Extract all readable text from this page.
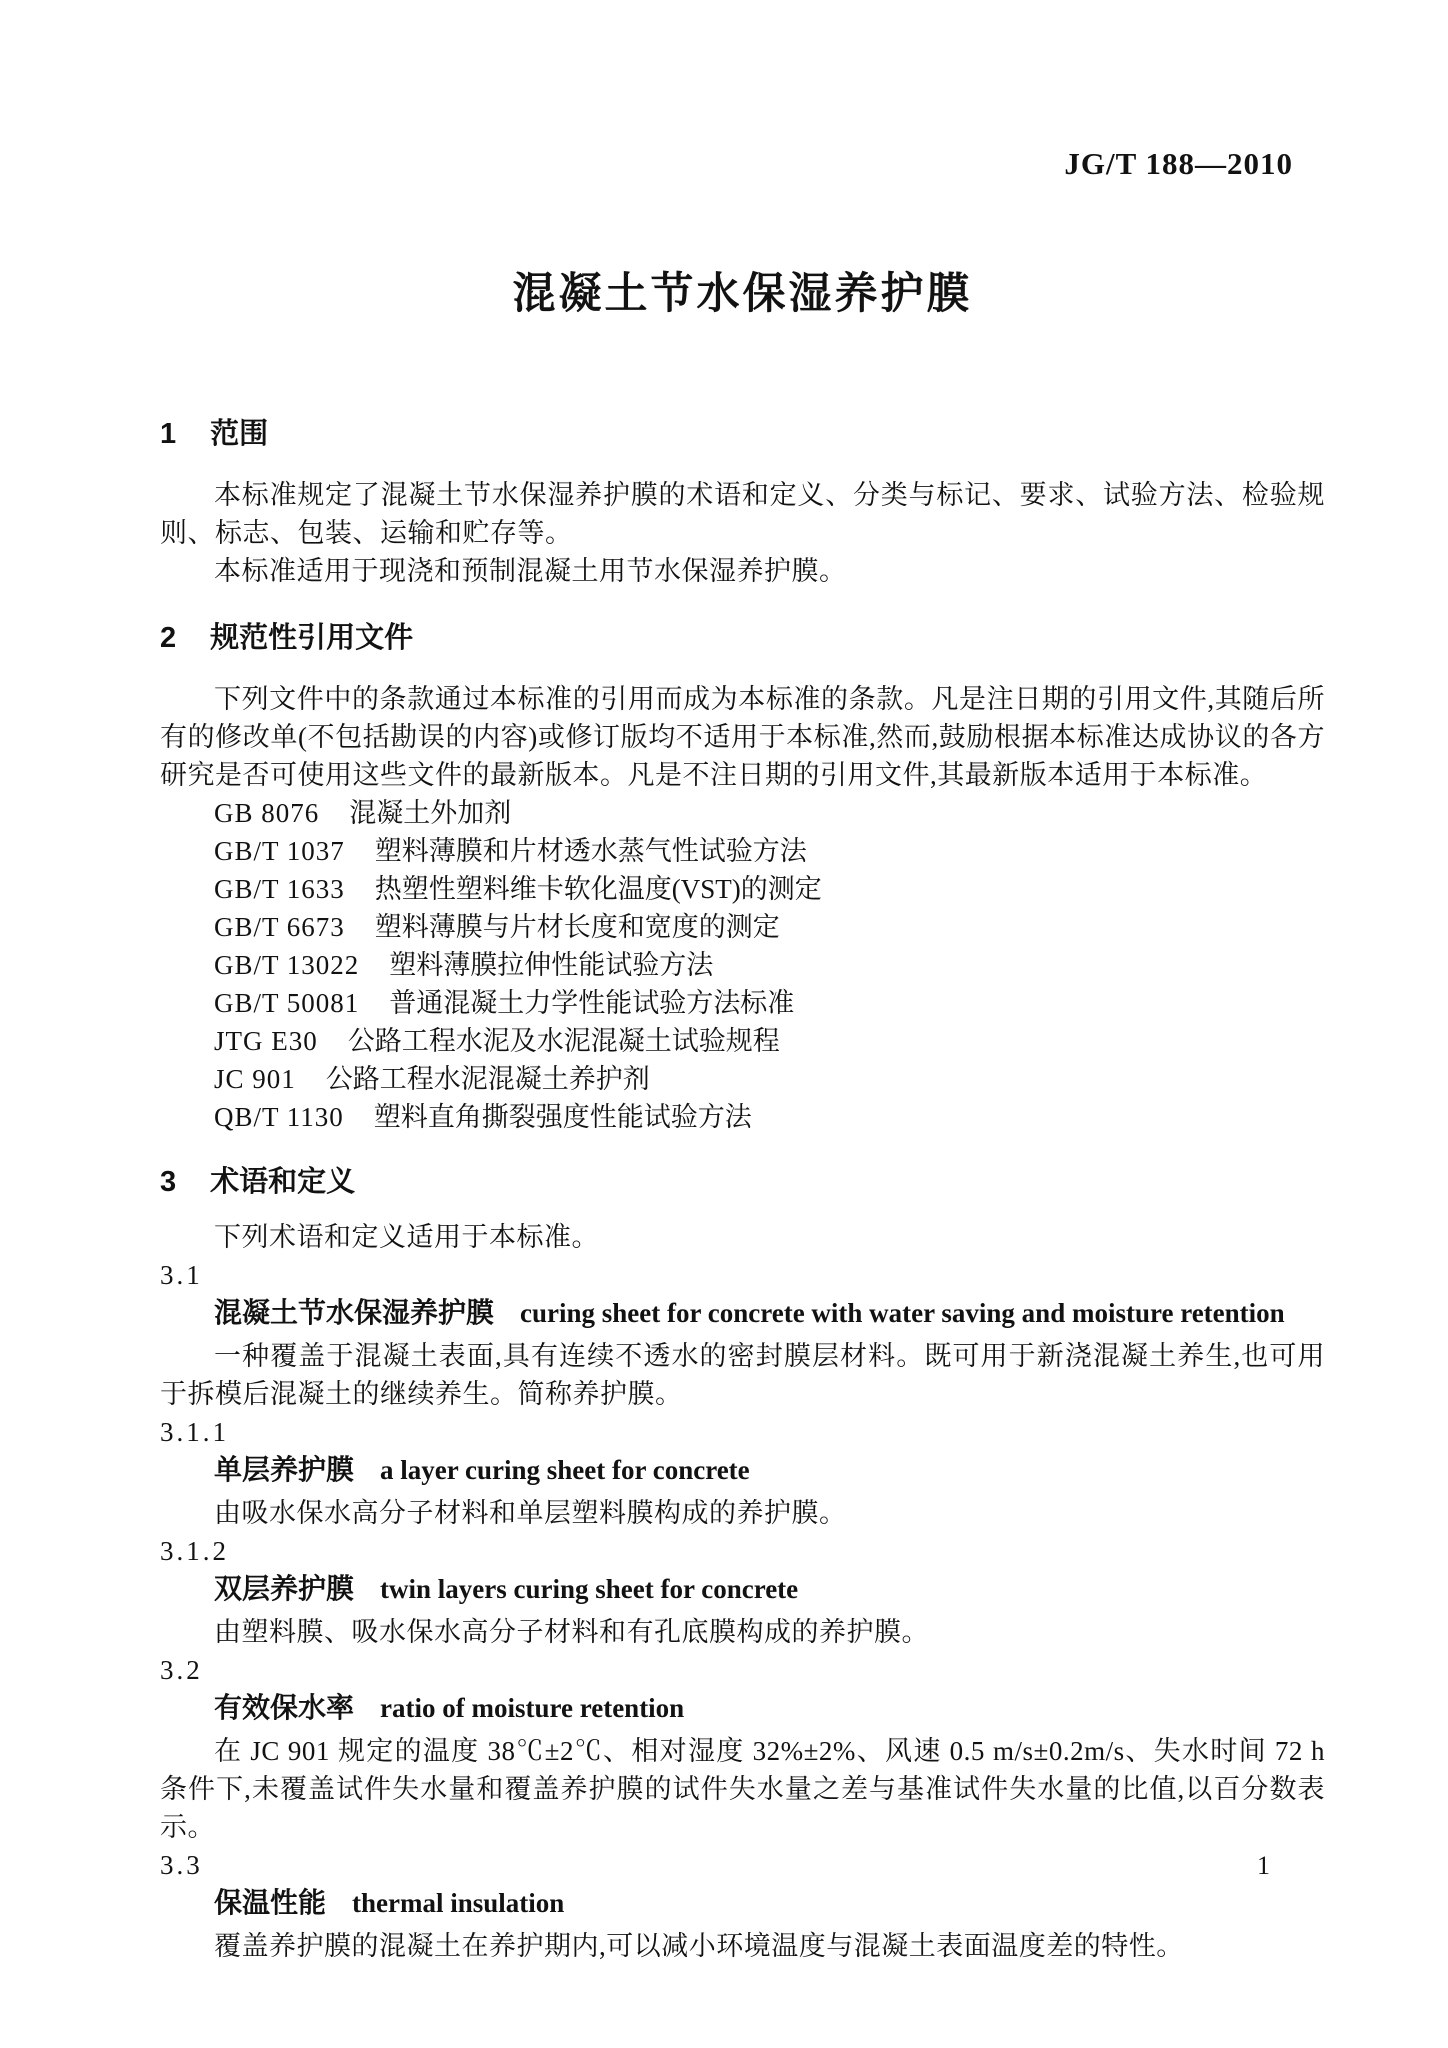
JG/T 188—2010
混凝土节水保湿养护膜
1 范围

本标准规定了混凝土节水保湿养护膜的术语和定义、分类与标记、要求、试验方法、检验规则、标志、包装、运输和贮存等。

本标准适用于现浇和预制混凝土用节水保湿养护膜。

2 规范性引用文件

下列文件中的条款通过本标准的引用而成为本标准的条款。凡是注日期的引用文件,其随后所有的修改单(不包括勘误的内容)或修订版均不适用于本标准,然而,鼓励根据本标准达成协议的各方研究是否可使用这些文件的最新版本。凡是不注日期的引用文件,其最新版本适用于本标准。

GB 8076 混凝土外加剂
GB/T 1037 塑料薄膜和片材透水蒸气性试验方法
GB/T 1633 热塑性塑料维卡软化温度(VST)的测定
GB/T 6673 塑料薄膜与片材长度和宽度的测定
GB/T 13022 塑料薄膜拉伸性能试验方法
GB/T 50081 普通混凝土力学性能试验方法标准
JTG E30 公路工程水泥及水泥混凝土试验规程
JC 901 公路工程水泥混凝土养护剂
QB/T 1130 塑料直角撕裂强度性能试验方法
3 术语和定义

下列术语和定义适用于本标准。

3.1
混凝土节水保湿养护膜 curing sheet for concrete with water saving and moisture retention

一种覆盖于混凝土表面,具有连续不透水的密封膜层材料。既可用于新浇混凝土养生,也可用于拆模后混凝土的继续养生。简称养护膜。

3.1.1
单层养护膜 a layer curing sheet for concrete

由吸水保水高分子材料和单层塑料膜构成的养护膜。

3.1.2
双层养护膜 twin layers curing sheet for concrete

由塑料膜、吸水保水高分子材料和有孔底膜构成的养护膜。

3.2
有效保水率 ratio of moisture retention

在 JC 901 规定的温度 38℃±2℃、相对湿度 32%±2%、风速 0.5 m/s±0.2m/s、失水时间 72 h 条件下,未覆盖试件失水量和覆盖养护膜的试件失水量之差与基准试件失水量的比值,以百分数表示。

3.3
保温性能 thermal insulation

覆盖养护膜的混凝土在养护期内,可以减小环境温度与混凝土表面温度差的特性。

1
